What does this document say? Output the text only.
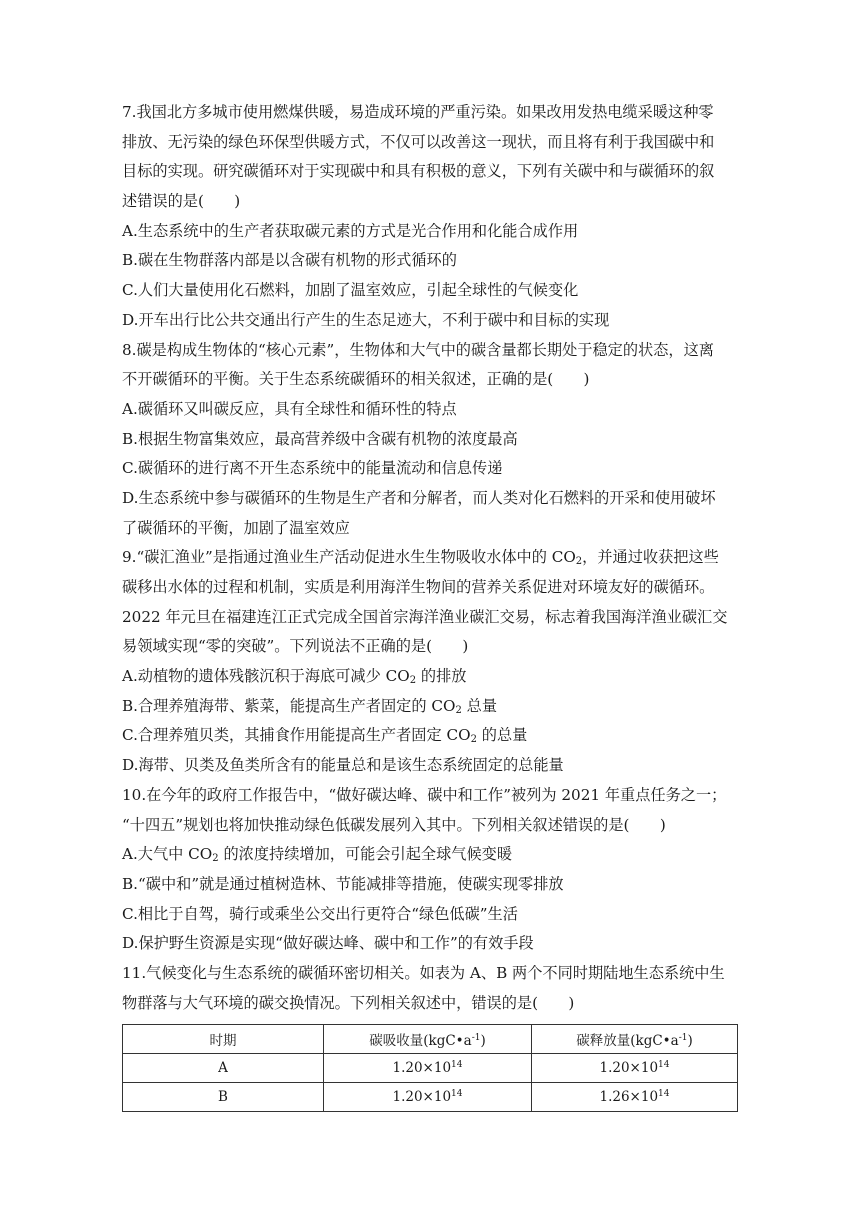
7.我国北方多城市使用燃煤供暖，易造成环境的严重污染。如果改用发热电缆采暖这种零
排放、无污染的绿色环保型供暖方式，不仅可以改善这一现状，而且将有利于我国碳中和
目标的实现。研究碳循环对于实现碳中和具有积极的意义，下列有关碳中和与碳循环的叙
述错误的是(　　)
A.生态系统中的生产者获取碳元素的方式是光合作用和化能合成作用
B.碳在生物群落内部是以含碳有机物的形式循环的
C.人们大量使用化石燃料，加剧了温室效应，引起全球性的气候变化
D.开车出行比公共交通出行产生的生态足迹大，不利于碳中和目标的实现
8.碳是构成生物体的“核心元素”，生物体和大气中的碳含量都长期处于稳定的状态，这离
不开碳循环的平衡。关于生态系统碳循环的相关叙述，正确的是(　　)
A.碳循环又叫碳反应，具有全球性和循环性的特点
B.根据生物富集效应，最高营养级中含碳有机物的浓度最高
C.碳循环的进行离不开生态系统中的能量流动和信息传递
D.生态系统中参与碳循环的生物是生产者和分解者，而人类对化石燃料的开采和使用破坏
了碳循环的平衡，加剧了温室效应
9.“碳汇渔业”是指通过渔业生产活动促进水生生物吸收水体中的 $CO_2$，并通过收获把这些
碳移出水体的过程和机制，实质是利用海洋生物间的营养关系促进对环境友好的碳循环。
2022 年元旦在福建连江正式完成全国首宗海洋渔业碳汇交易，标志着我国海洋渔业碳汇交
易领域实现“零的突破”。下列说法不正确的是(　　)
A.动植物的遗体残骸沉积于海底可减少 $CO_2$ 的排放
B.合理养殖海带、紫菜，能提高生产者固定的 $CO_2$ 总量
C.合理养殖贝类，其捕食作用能提高生产者固定 $CO_2$ 的总量
D.海带、贝类及鱼类所含有的能量总和是该生态系统固定的总能量
10.在今年的政府工作报告中，“做好碳达峰、碳中和工作”被列为 2021 年重点任务之一；
“十四五”规划也将加快推动绿色低碳发展列入其中。下列相关叙述错误的是(　　)
A.大气中 $CO_2$ 的浓度持续增加，可能会引起全球气候变暖
B.“碳中和”就是通过植树造林、节能减排等措施，使碳实现零排放
C.相比于自驾，骑行或乘坐公交出行更符合“绿色低碳”生活
D.保护野生资源是实现“做好碳达峰、碳中和工作”的有效手段
11.气候变化与生态系统的碳循环密切相关。如表为 A、B 两个不同时期陆地生态系统中生
物群落与大气环境的碳交换情况。下列相关叙述中，错误的是(　　)
时期	碳吸收量$(kgC•a^{-1})$	碳释放量$(kgC•a^{-1})$
A	$1.20\times 10^{14}$	$1.20\times 10^{14}$
B	$1.20\times 10^{14}$	$1.26\times 10^{14}$
